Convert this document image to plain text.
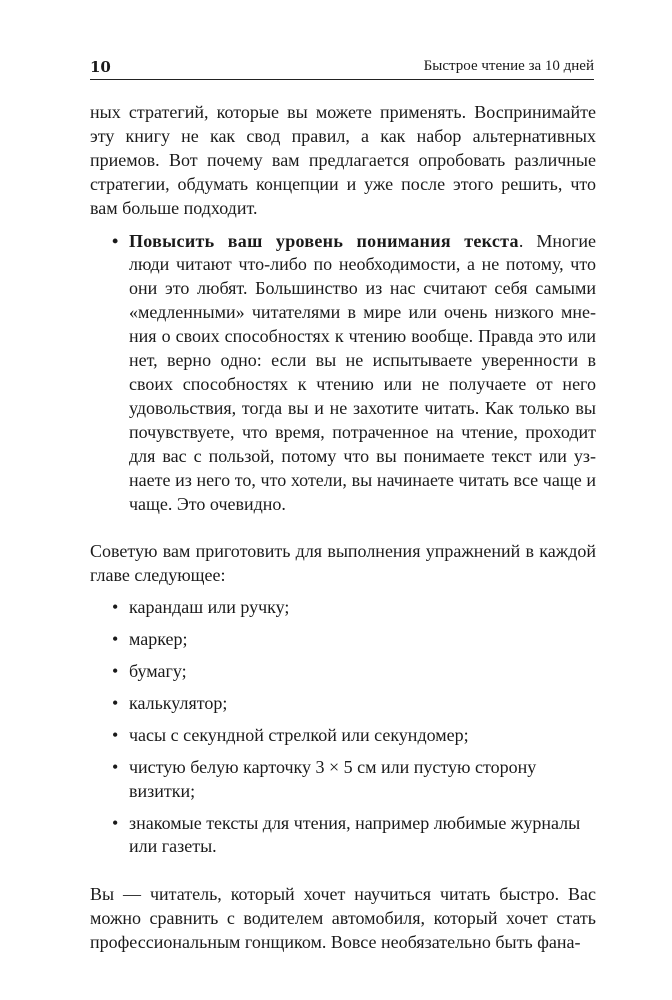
10	Быстрое чтение за 10 дней

ных стратегий, которые вы можете применять. Воспринимайте эту книгу не как свод правил, а как набор альтернативных приемов. Вот почему вам предлагается опробовать различные стратегии, обдумать концепции и уже после этого решить, что вам больше подходит.

• Повысить ваш уровень понимания текста. Многие люди читают что-либо по необходимости, а не потому, что они это любят. Большинство из нас считают себя самыми «медленными» читателями в мире или очень низкого мнения о своих способностях к чтению вообще. Правда это или нет, верно одно: если вы не испытываете уверенности в своих способностях к чтению или не получаете от него удовольствия, тогда вы и не захотите читать. Как только вы почувствуете, что время, потраченное на чтение, проходит для вас с пользой, потому что вы понимаете текст или узнаете из него то, что хотели, вы начинаете читать все чаще и чаще. Это очевидно.

Советую вам приготовить для выполнения упражнений в каждой главе следующее:

• карандаш или ручку;
• маркер;
• бумагу;
• калькулятор;
• часы с секундной стрелкой или секундомер;
• чистую белую карточку 3 × 5 см или пустую сторону визитки;
• знакомые тексты для чтения, например любимые журналы или газеты.

Вы — читатель, который хочет научиться читать быстро. Вас можно сравнить с водителем автомобиля, который хочет стать профессиональным гонщиком. Вовсе необязательно быть фана-
